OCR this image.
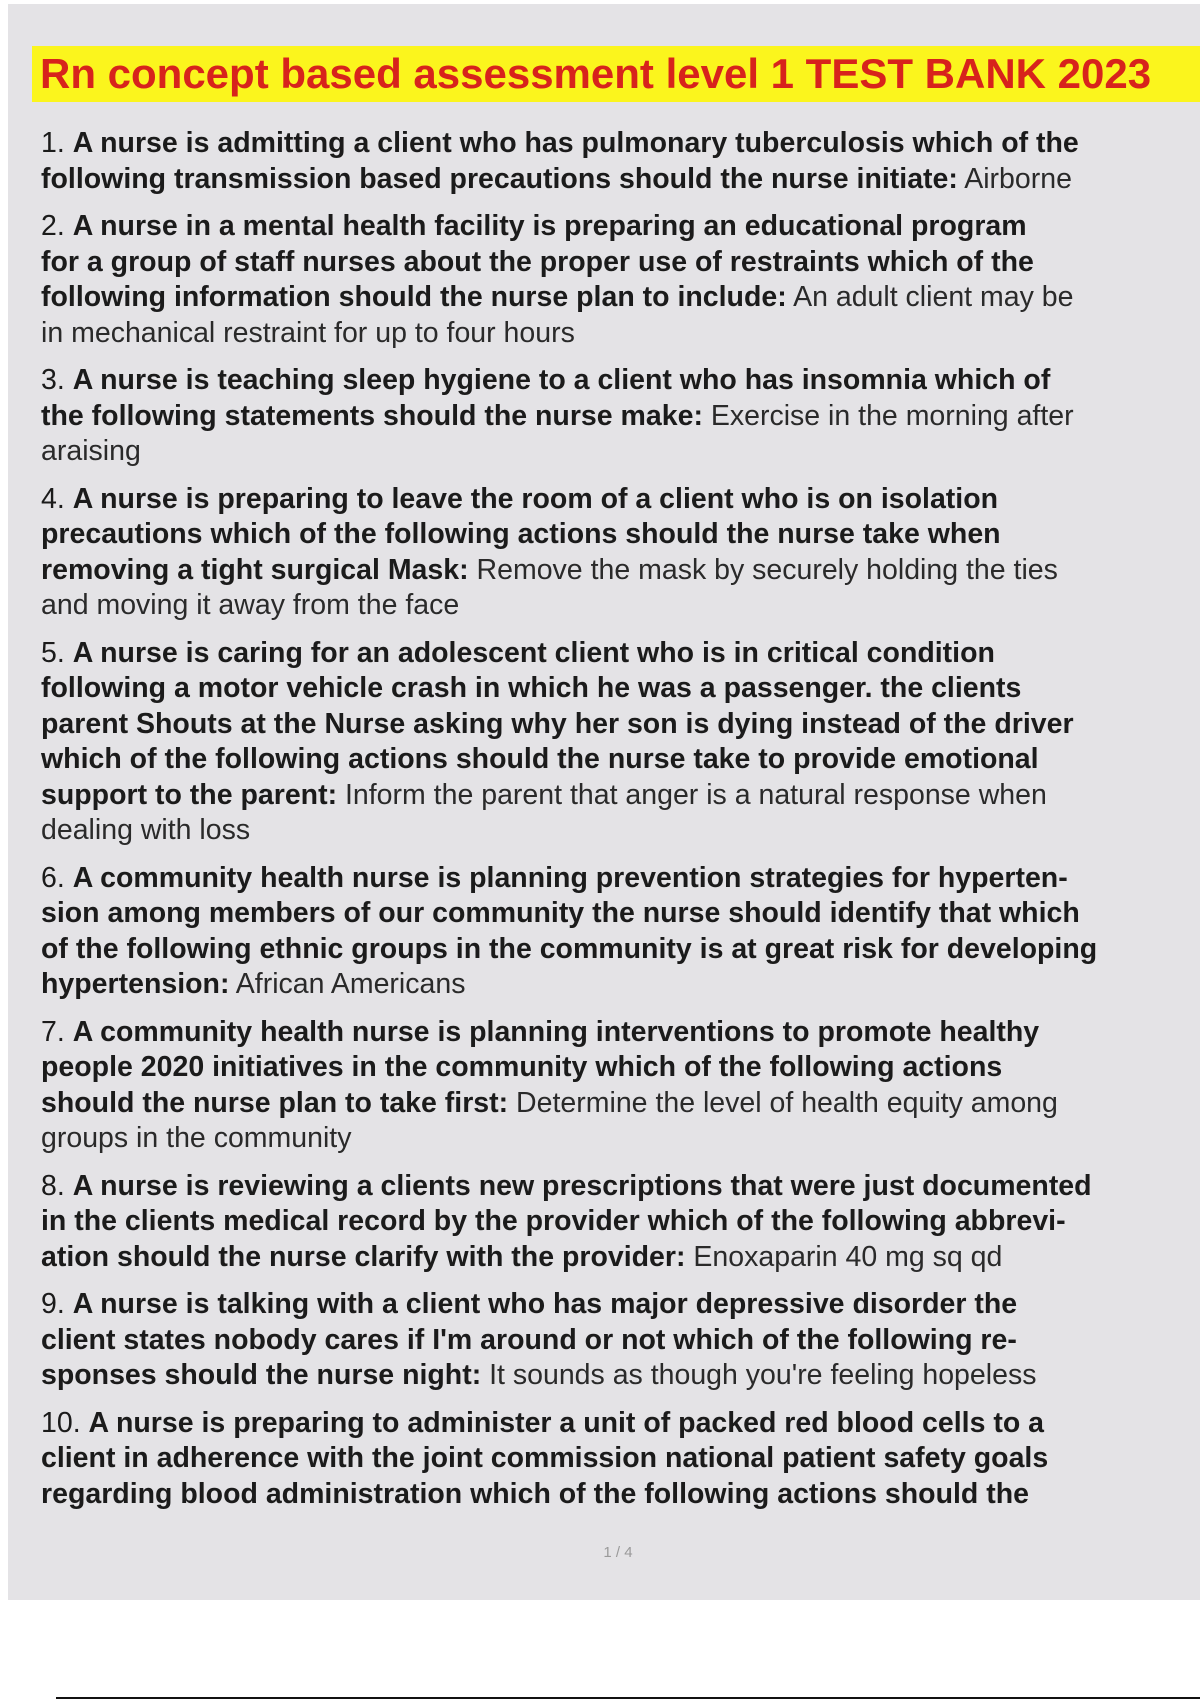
Rn concept based assessment level 1 TEST BANK 2023
1. A nurse is admitting a client who has pulmonary tuberculosis which of the
following transmission based precautions should the nurse initiate: Airborne
2. A nurse in a mental health facility is preparing an educational program
for a group of staff nurses about the proper use of restraints which of the
following information should the nurse plan to include: An adult client may be
in mechanical restraint for up to four hours
3. A nurse is teaching sleep hygiene to a client who has insomnia which of
the following statements should the nurse make: Exercise in the morning after
araising
4. A nurse is preparing to leave the room of a client who is on isolation
precautions which of the following actions should the nurse take when
removing a tight surgical Mask: Remove the mask by securely holding the ties
and moving it away from the face
5. A nurse is caring for an adolescent client who is in critical condition
following a motor vehicle crash in which he was a passenger. the clients
parent Shouts at the Nurse asking why her son is dying instead of the driver
which of the following actions should the nurse take to provide emotional
support to the parent: Inform the parent that anger is a natural response when
dealing with loss
6. A community health nurse is planning prevention strategies for hyperten-
sion among members of our community the nurse should identify that which
of the following ethnic groups in the community is at great risk for developing
hypertension: African Americans
7. A community health nurse is planning interventions to promote healthy
people 2020 initiatives in the community which of the following actions
should the nurse plan to take first: Determine the level of health equity among
groups in the community
8. A nurse is reviewing a clients new prescriptions that were just documented
in the clients medical record by the provider which of the following abbrevi-
ation should the nurse clarify with the provider: Enoxaparin 40 mg sq qd
9. A nurse is talking with a client who has major depressive disorder the
client states nobody cares if I'm around or not which of the following re-
sponses should the nurse night: It sounds as though you're feeling hopeless
10. A nurse is preparing to administer a unit of packed red blood cells to a
client in adherence with the joint commission national patient safety goals
regarding blood administration which of the following actions should the
1 / 4
